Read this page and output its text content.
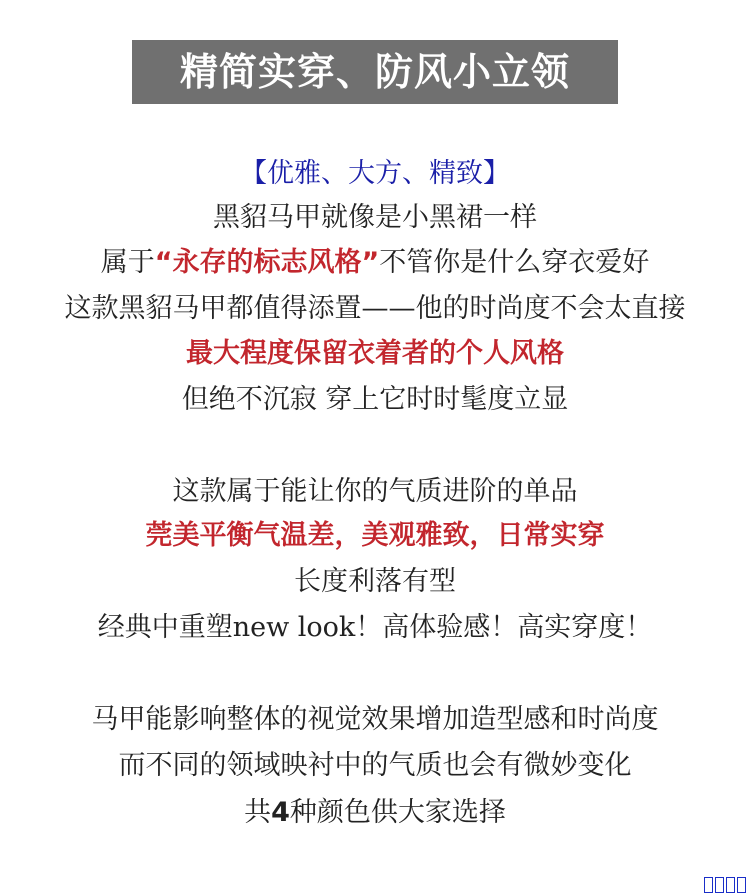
精简实穿、防风小立领
【优雅、大方、精致】
黑貂马甲就像是小黑裙一样
属于“永存的标志风格”不管你是什么穿衣爱好
这款黑貂马甲都值得添置——他的时尚度不会太直接
最大程度保留衣着者的个人风格
但绝不沉寂 穿上它时时髦度立显
这款属于能让你的气质进阶的单品
莞美平衡气温差，美观雅致，日常实穿
长度利落有型
经典中重塑new look！高体验感！高实穿度！
马甲能影响整体的视觉效果增加造型感和时尚度
而不同的领域映衬中的气质也会有微妙变化
共4种颜色供大家选择
